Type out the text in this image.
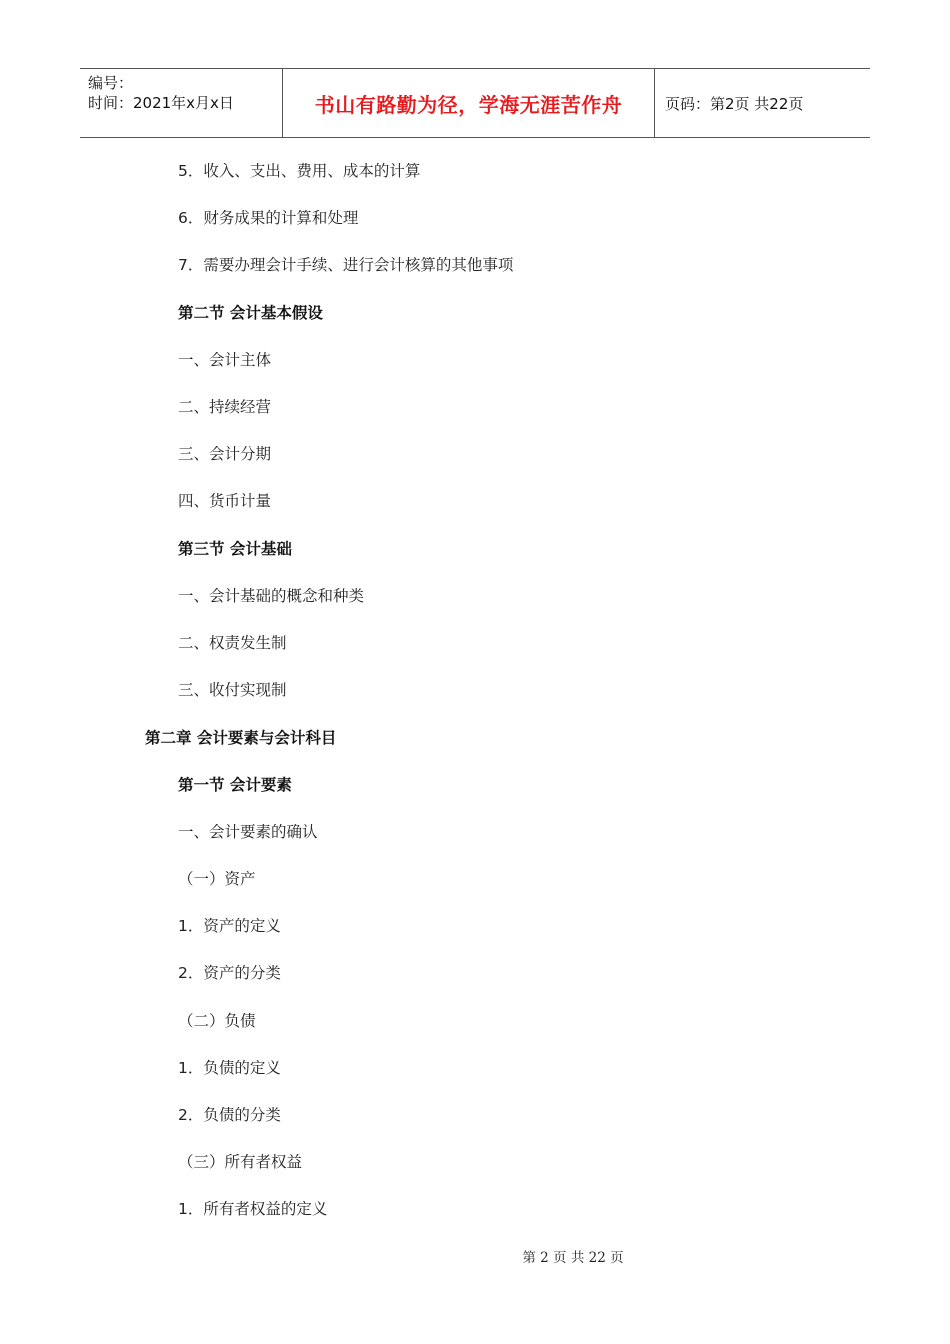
编号：
时间：2021年x月x日	书山有路勤为径，学海无涯苦作舟	页码：第2页 共22页
5．收入、支出、费用、成本的计算
6．财务成果的计算和处理
7．需要办理会计手续、进行会计核算的其他事项
第二节 会计基本假设
一、会计主体
二、持续经营
三、会计分期
四、货币计量
第三节 会计基础
一、会计基础的概念和种类
二、权责发生制
三、收付实现制
第二章 会计要素与会计科目
第一节 会计要素
一、会计要素的确认
（一）资产
1．资产的定义
2．资产的分类
（二）负债
1．负债的定义
2．负债的分类
（三）所有者权益
1．所有者权益的定义
第 2 页 共 22 页
